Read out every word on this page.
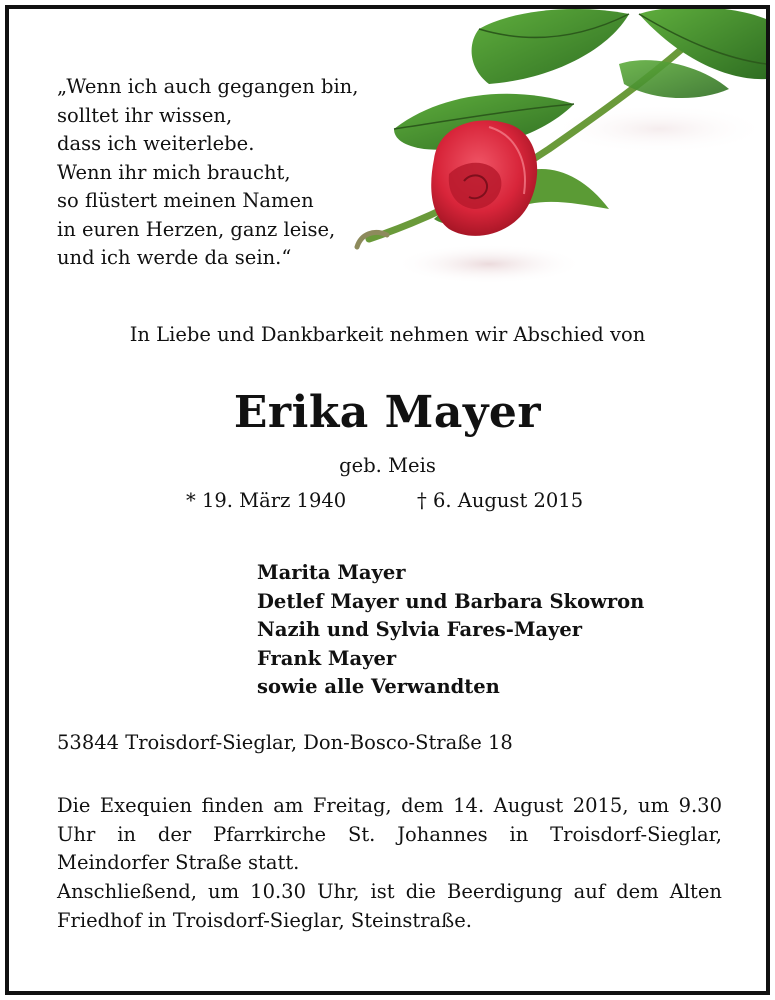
„Wenn ich auch gegangen bin,
solltet ihr wissen,
dass ich weiterlebe.
Wenn ihr mich braucht,
so flüstert meinen Namen
in euren Herzen, ganz leise,
und ich werde da sein.“
In Liebe und Dankbarkeit nehmen wir Abschied von
Erika Mayer
geb. Meis
* 19. März 1940	† 6. August 2015
Marita Mayer
Detlef Mayer und Barbara Skowron
Nazih und Sylvia Fares-Mayer
Frank Mayer
sowie alle Verwandten
53844 Troisdorf-Sieglar, Don-Bosco-Straße 18
Die Exequien finden am Freitag, dem 14. August 2015, um 9.30 Uhr in der Pfarrkirche St. Johannes in Troisdorf-Sieglar, Meindorfer Straße statt.
Anschließend, um 10.30 Uhr, ist die Beerdigung auf dem Alten Friedhof in Troisdorf-Sieglar, Steinstraße.
